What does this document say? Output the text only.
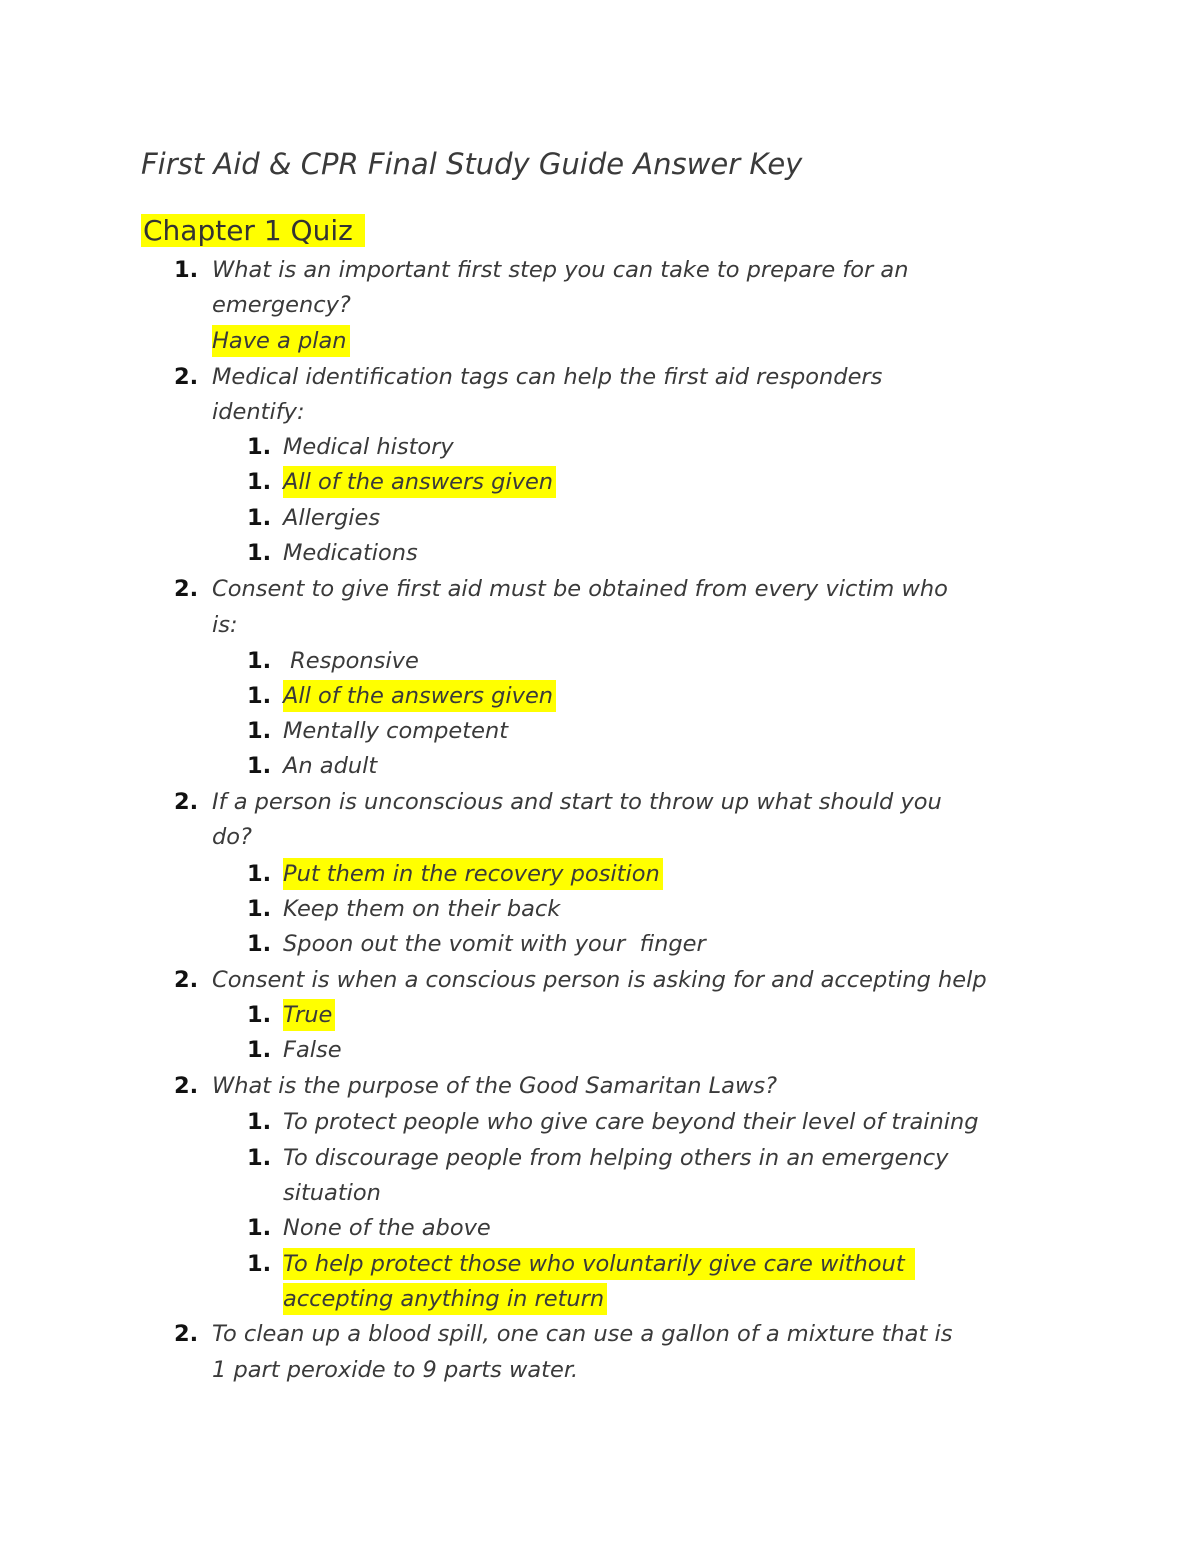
First Aid & CPR Final Study Guide Answer Key
Chapter 1 Quiz
1. What is an important first step you can take to prepare for an
emergency?
Have a plan
2. Medical identification tags can help the first aid responders
identify:
1. Medical history
1. All of the answers given
1. Allergies
1. Medications
2. Consent to give first aid must be obtained from every victim who
is:
1. Responsive
1. All of the answers given
1. Mentally competent
1. An adult
2. If a person is unconscious and start to throw up what should you
do?
1. Put them in the recovery position
1. Keep them on their back
1. Spoon out the vomit with your  finger
2. Consent is when a conscious person is asking for and accepting help
1. True
1. False
2. What is the purpose of the Good Samaritan Laws?
1. To protect people who give care beyond their level of training
1. To discourage people from helping others in an emergency
situation
1. None of the above
1. To help protect those who voluntarily give care without
accepting anything in return
2. To clean up a blood spill, one can use a gallon of a mixture that is
1 part peroxide to 9 parts water.
